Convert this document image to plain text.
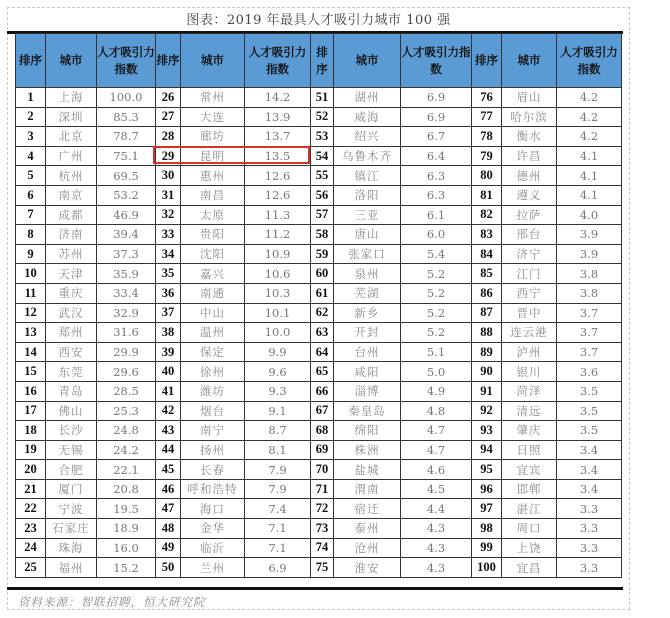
图表：2019 年最具人才吸引力城市 100 强
排序	城市	人才吸引力指数	排序	城市	人才吸引力指数	排序	城市	人才吸引力指数	排序	城市	人才吸引力指数
1	上海	100.0	26	常州	14.2	51	湖州	6.9	76	眉山	4.2
2	深圳	85.3	27	大连	13.9	52	威海	6.9	77	哈尔滨	4.2
3	北京	78.7	28	廊坊	13.7	53	绍兴	6.7	78	衡水	4.2
4	广州	75.1	29	昆明	13.5	54	乌鲁木齐	6.4	79	许昌	4.1
5	杭州	69.5	30	惠州	12.6	55	镇江	6.3	80	德州	4.1
6	南京	53.2	31	南昌	12.6	56	洛阳	6.3	81	遵义	4.1
7	成都	46.9	32	太原	11.3	57	三亚	6.1	82	拉萨	4.0
8	济南	39.4	33	贵阳	11.2	58	唐山	6.0	83	邢台	3.9
9	苏州	37.3	34	沈阳	10.9	59	张家口	5.4	84	济宁	3.9
10	天津	35.9	35	嘉兴	10.6	60	泉州	5.2	85	江门	3.8
11	重庆	33.4	36	南通	10.3	61	芜湖	5.2	86	西宁	3.8
12	武汉	32.9	37	中山	10.1	62	新乡	5.2	87	晋中	3.7
13	郑州	31.6	38	温州	10.0	63	开封	5.2	88	连云港	3.7
14	西安	29.9	39	保定	9.9	64	台州	5.1	89	泸州	3.7
15	东莞	29.6	40	徐州	9.6	65	咸阳	5.0	90	银川	3.6
16	青岛	28.5	41	潍坊	9.3	66	淄博	4.9	91	菏泽	3.5
17	佛山	25.3	42	烟台	9.1	67	秦皇岛	4.8	92	清远	3.5
18	长沙	24.8	43	南宁	8.7	68	绵阳	4.7	93	肇庆	3.5
19	无锡	24.2	44	扬州	8.1	69	株洲	4.7	94	日照	3.4
20	合肥	22.1	45	长春	7.9	70	盐城	4.6	95	宜宾	3.4
21	厦门	20.8	46	呼和浩特	7.9	71	渭南	4.5	96	邯郸	3.4
22	宁波	19.5	47	海口	7.4	72	宿迁	4.4	97	湛江	3.3
23	石家庄	18.9	48	金华	7.1	73	泰州	4.3	98	周口	3.3
24	珠海	16.0	49	临沂	7.1	74	沧州	4.3	99	上饶	3.3
25	福州	15.2	50	兰州	6.9	75	淮安	4.3	100	宜昌	3.3
资料来源：智联招聘，恒大研究院
